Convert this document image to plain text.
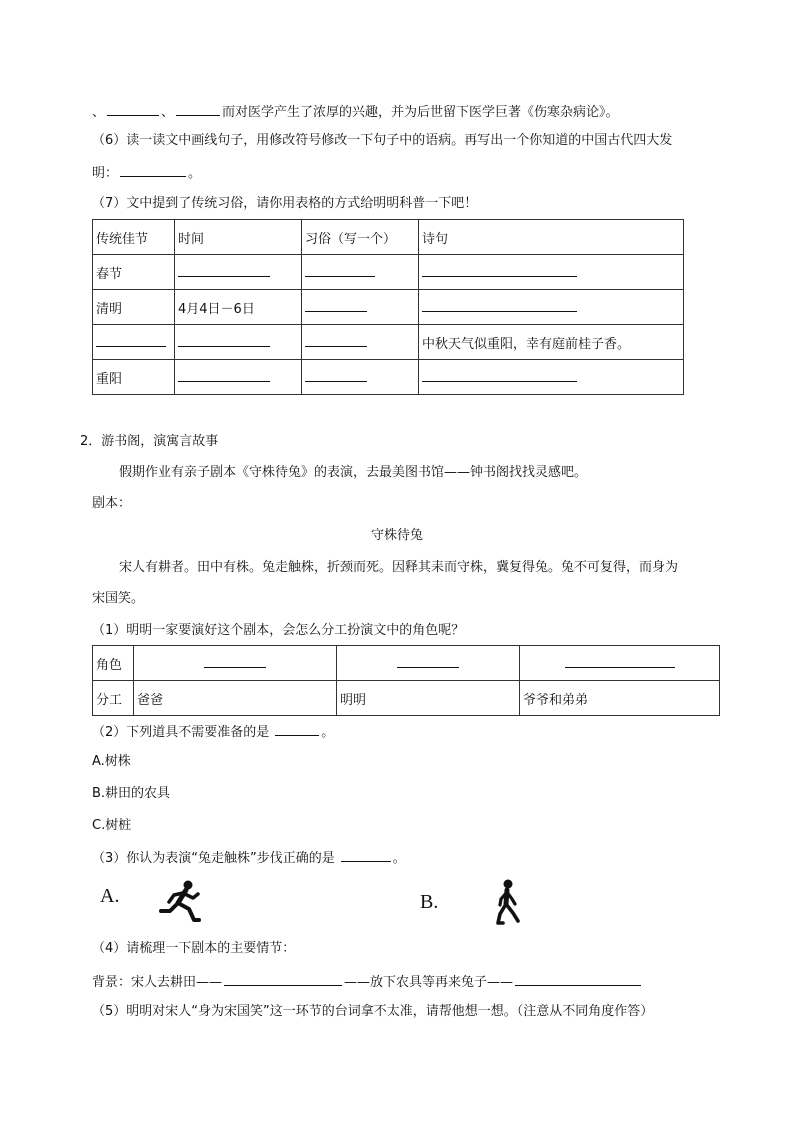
、	、	而对医学产生了浓厚的兴趣，并为后世留下医学巨著《伤寒杂病论》。
（6）读一读文中画线句子，用修改符号修改一下句子中的语病。再写出一个你知道的中国古代四大发
明：	。
（7）文中提到了传统习俗，请你用表格的方式给明明科普一下吧！
传统佳节	时间	习俗（写一个）	诗句
春节			
清明	4月4日－6日		
			中秋天气似重阳，幸有庭前桂子香。
重阳			
2．游书阁，演寓言故事
假期作业有亲子剧本《守株待兔》的表演，去最美图书馆——钟书阁找找灵感吧。
剧本：
守株待兔
宋人有耕者。田中有株。兔走触株，折颈而死。因释其耒而守株，冀复得兔。兔不可复得，而身为
宋国笑。
（1）明明一家要演好这个剧本，会怎么分工扮演文中的角色呢？
角色			
分工	爸爸	明明	爷爷和弟弟
（2）下列道具不需要准备的是	。
A.树株
B.耕田的农具
C.树桩
（3）你认为表演“兔走触株”步伐正确的是	。
A.	B.
（4）请梳理一下剧本的主要情节：
背景：宋人去耕田——	——放下农具等再来兔子——
（5）明明对宋人“身为宋国笑”这一环节的台词拿不太准，请帮他想一想。（注意从不同角度作答）
